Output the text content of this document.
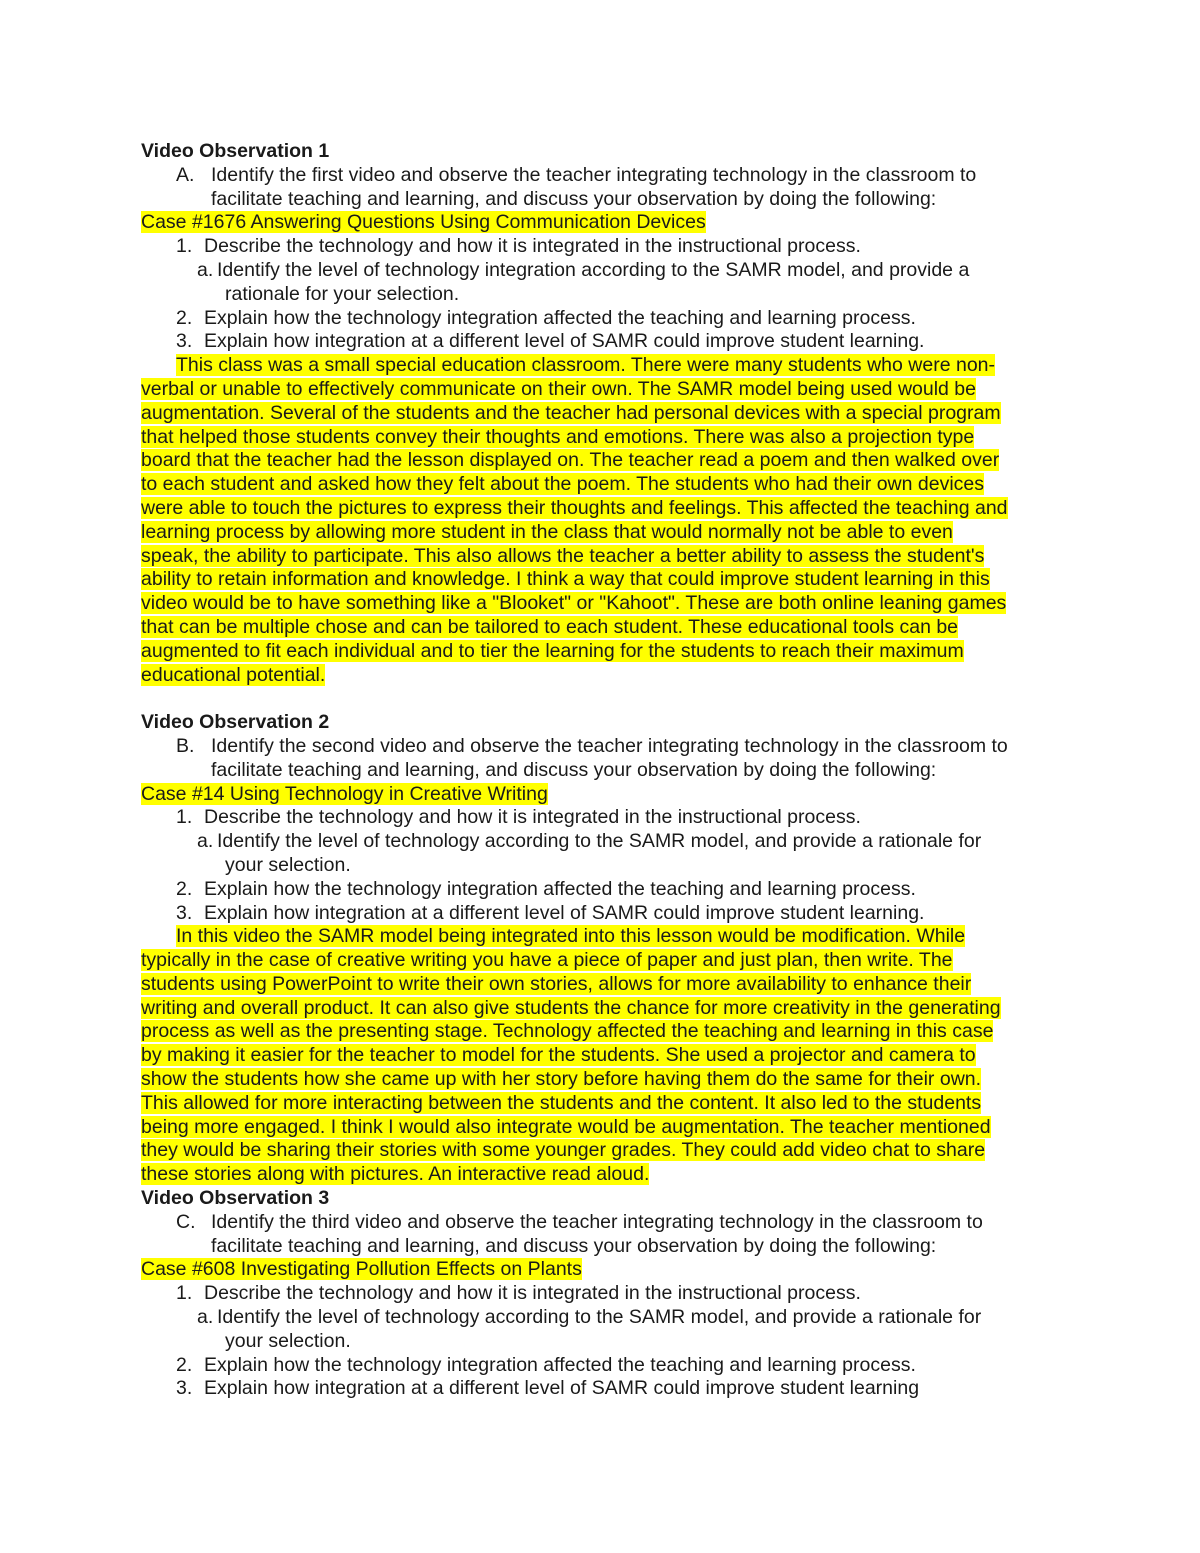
Video Observation 1
A. Identify the first video and observe the teacher integrating technology in the classroom to
facilitate teaching and learning, and discuss your observation by doing the following:
Case #1676 Answering Questions Using Communication Devices
1. Describe the technology and how it is integrated in the instructional process.
a. Identify the level of technology integration according to the SAMR model, and provide a
rationale for your selection.
2. Explain how the technology integration affected the teaching and learning process.
3. Explain how integration at a different level of SAMR could improve student learning.
This class was a small special education classroom. There were many students who were non-
verbal or unable to effectively communicate on their own. The SAMR model being used would be
augmentation. Several of the students and the teacher had personal devices with a special program
that helped those students convey their thoughts and emotions. There was also a projection type
board that the teacher had the lesson displayed on. The teacher read a poem and then walked over
to each student and asked how they felt about the poem. The students who had their own devices
were able to touch the pictures to express their thoughts and feelings. This affected the teaching and
learning process by allowing more student in the class that would normally not be able to even
speak, the ability to participate. This also allows the teacher a better ability to assess the student's
ability to retain information and knowledge. I think a way that could improve student learning in this
video would be to have something like a "Blooket" or "Kahoot". These are both online leaning games
that can be multiple chose and can be tailored to each student. These educational tools can be
augmented to fit each individual and to tier the learning for the students to reach their maximum
educational potential.
Video Observation 2
B. Identify the second video and observe the teacher integrating technology in the classroom to
facilitate teaching and learning, and discuss your observation by doing the following:
Case #14 Using Technology in Creative Writing
1. Describe the technology and how it is integrated in the instructional process.
a. Identify the level of technology according to the SAMR model, and provide a rationale for
your selection.
2. Explain how the technology integration affected the teaching and learning process.
3. Explain how integration at a different level of SAMR could improve student learning.
In this video the SAMR model being integrated into this lesson would be modification. While
typically in the case of creative writing you have a piece of paper and just plan, then write. The
students using PowerPoint to write their own stories, allows for more availability to enhance their
writing and overall product. It can also give students the chance for more creativity in the generating
process as well as the presenting stage. Technology affected the teaching and learning in this case
by making it easier for the teacher to model for the students. She used a projector and camera to
show the students how she came up with her story before having them do the same for their own.
This allowed for more interacting between the students and the content. It also led to the students
being more engaged. I think I would also integrate would be augmentation. The teacher mentioned
they would be sharing their stories with some younger grades. They could add video chat to share
these stories along with pictures. An interactive read aloud.
Video Observation 3
C. Identify the third video and observe the teacher integrating technology in the classroom to
facilitate teaching and learning, and discuss your observation by doing the following:
Case #608 Investigating Pollution Effects on Plants
1. Describe the technology and how it is integrated in the instructional process.
a. Identify the level of technology according to the SAMR model, and provide a rationale for
your selection.
2. Explain how the technology integration affected the teaching and learning process.
3. Explain how integration at a different level of SAMR could improve student learning
